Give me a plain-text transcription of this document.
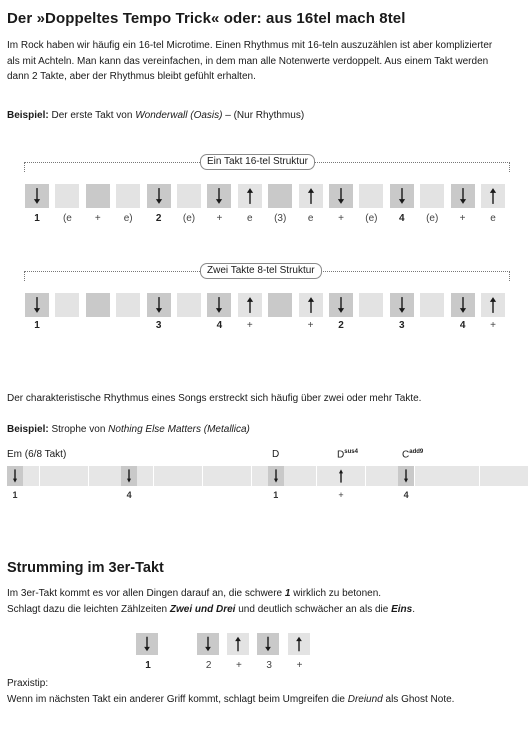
Der »Doppeltes Tempo Trick« oder: aus 16tel mach 8tel
Im Rock haben wir häufig ein 16-tel Microtime. Einen Rhythmus mit 16-teln auszuzählen ist aber komplizierter
als mit Achteln. Man kann das vereinfachen, in dem man alle Notenwerte verdoppelt. Aus einem Takt werden
dann 2 Takte, aber der Rhythmus bleibt gefühlt erhalten.
Beispiel: Der erste Takt von Wonderwall (Oasis) – (Nur Rhythmus)
Ein Takt 16-tel Struktur
1	(e	+	e)	2	(e)	+	e	(3)	e	+	(e)	4	(e)	+	e
Zwei Takte 8-tel Struktur
1	3	4	+	+	2	3	4	+
Der charakteristische Rhythmus eines Songs erstreckt sich häufig über zwei oder mehr Takte.
Beispiel: Strophe von Nothing Else Matters (Metallica)
Em (6/8 Takt)	D	$D^{sus4}$	$C^{add9}$
1	4	1	+	4
Strumming im 3er-Takt
Im 3er-Takt kommt es vor allen Dingen darauf an, die schwere 1 wirklich zu betonen.
Schlagt dazu die leichten Zählzeiten Zwei und Drei und deutlich schwächer an als die Eins.
1	2	+	3	+
Praxistip:
Wenn im nächsten Takt ein anderer Griff kommt, schlagt beim Umgreifen die Dreiund als Ghost Note.
